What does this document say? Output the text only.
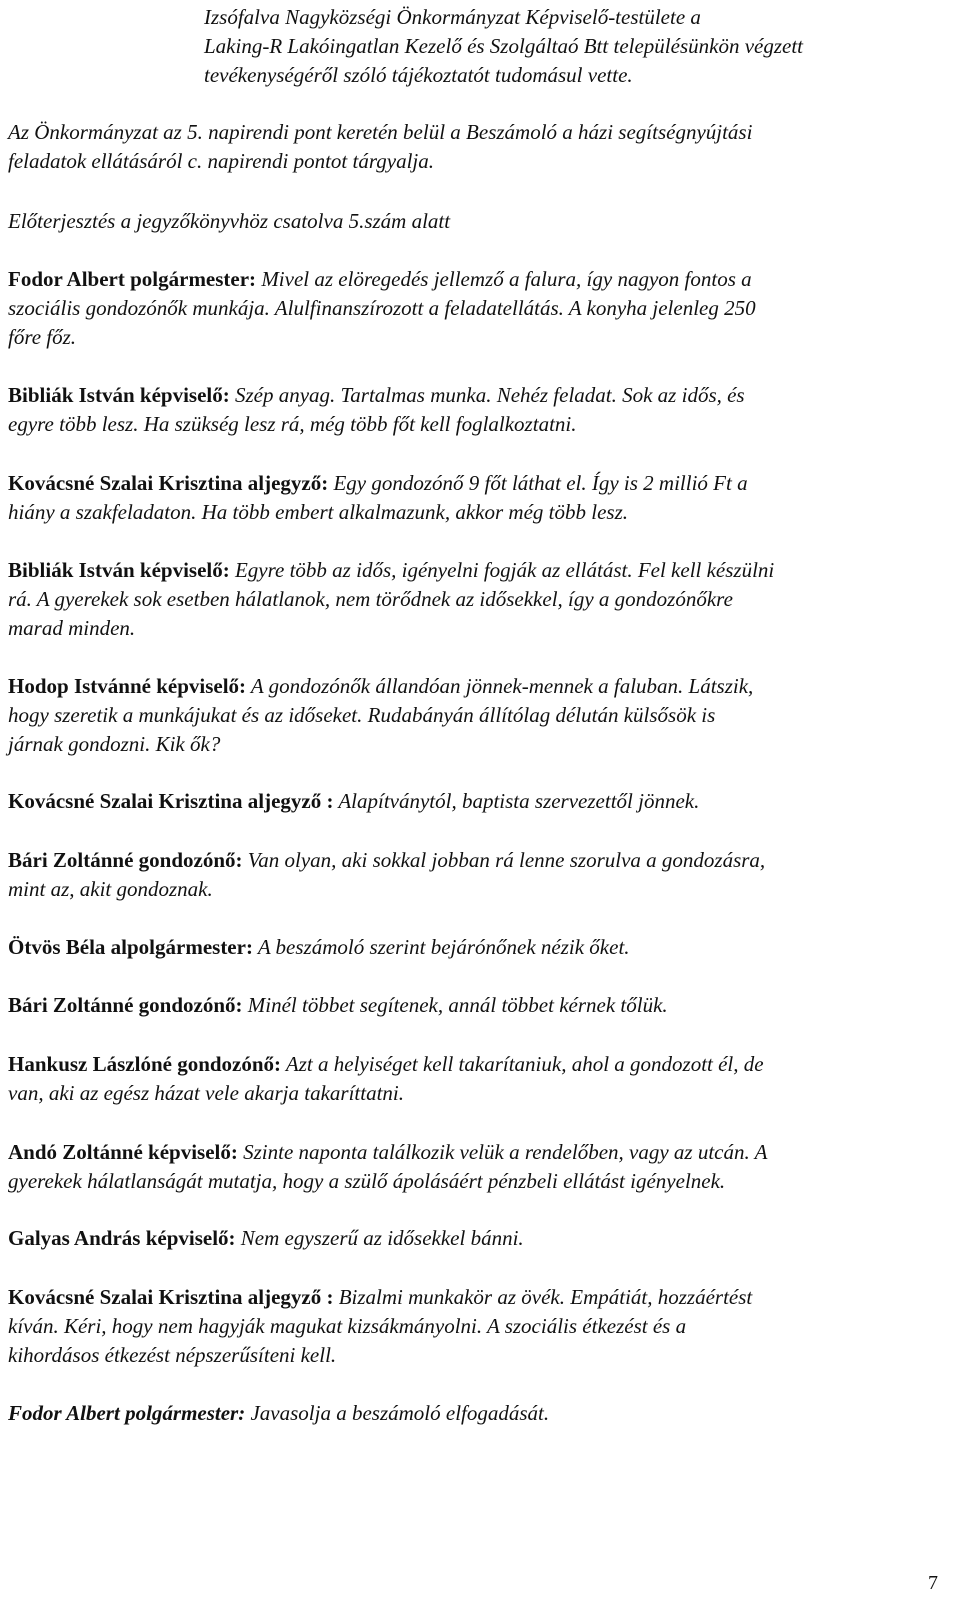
Izsófalva Nagyközségi Önkormányzat Képviselő-testülete a
Laking-R Lakóingatlan Kezelő és Szolgáltaó Btt településünkön végzett
tevékenységéről szóló tájékoztatót tudomásul vette.
Az Önkormányzat az 5. napirendi pont keretén belül a Beszámoló a házi segítségnyújtási
feladatok ellátásáról c. napirendi pontot tárgyalja.
Előterjesztés a jegyzőkönyvhöz csatolva 5.szám alatt
Fodor Albert polgármester: Mivel az elöregedés jellemző a falura, így nagyon fontos a
szociális gondozónők munkája. Alulfinanszírozott a feladatellátás. A konyha jelenleg 250
főre főz.
Bibliák István képviselő: Szép anyag. Tartalmas munka. Nehéz feladat. Sok az idős, és
egyre több lesz. Ha szükség lesz rá, még több főt kell foglalkoztatni.
Kovácsné Szalai Krisztina aljegyző: Egy gondozónő 9 főt láthat el. Így is 2 millió Ft a
hiány a szakfeladaton. Ha több embert alkalmazunk, akkor még több lesz.
Bibliák István képviselő: Egyre több az idős, igényelni fogják az ellátást. Fel kell készülni
rá. A gyerekek sok esetben hálatlanok, nem törődnek az idősekkel, így a gondozónőkre
marad minden.
Hodop Istvánné képviselő: A gondozónők állandóan jönnek-mennek a faluban. Látszik,
hogy szeretik a munkájukat és az időseket. Rudabányán állítólag délután külsősök is
járnak gondozni. Kik ők?
Kovácsné Szalai Krisztina aljegyző : Alapítványtól, baptista szervezettől jönnek.
Bári Zoltánné gondozónő: Van olyan, aki sokkal jobban rá lenne szorulva a gondozásra,
mint az, akit gondoznak.
Ötvös Béla alpolgármester: A beszámoló szerint bejárónőnek nézik őket.
Bári Zoltánné gondozónő: Minél többet segítenek, annál többet kérnek tőlük.
Hankusz Lászlóné gondozónő: Azt a helyiséget kell takarítaniuk, ahol a gondozott él, de
van, aki az egész házat vele akarja takaríttatni.
Andó Zoltánné képviselő: Szinte naponta találkozik velük a rendelőben, vagy az utcán. A
gyerekek hálatlanságát mutatja, hogy a szülő ápolásáért pénzbeli ellátást igényelnek.
Galyas András képviselő: Nem egyszerű az idősekkel bánni.
Kovácsné Szalai Krisztina aljegyző : Bizalmi munkakör az övék. Empátiát, hozzáértést
kíván. Kéri, hogy nem hagyják magukat kizsákmányolni. A szociális étkezést és a
kihordásos étkezést népszerűsíteni kell.
Fodor Albert polgármester: Javasolja a beszámoló elfogadását.
7
